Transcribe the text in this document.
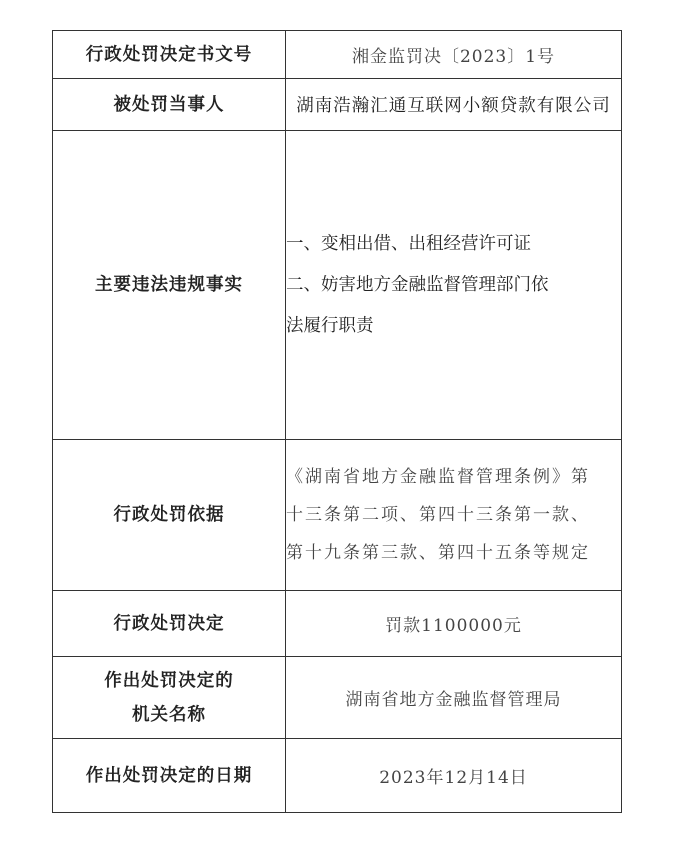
行政处罚决定书文号	湘金监罚决〔2023〕1号
被处罚当事人	湖南浩瀚汇通互联网小额贷款有限公司
主要违法违规事实	一、变相出借、出租经营许可证
二、妨害地方金融监督管理部门依
法履行职责

行政处罚依据	《湖南省地方金融监督管理条例》第十三条第二项、第四十三条第一款、第十九条第三款、第四十五条等规定

行政处罚决定	罚款1100000元

作出处罚决定的
机关名称	湖南省地方金融监督管理局
作出处罚决定的日期	2023年12月14日
